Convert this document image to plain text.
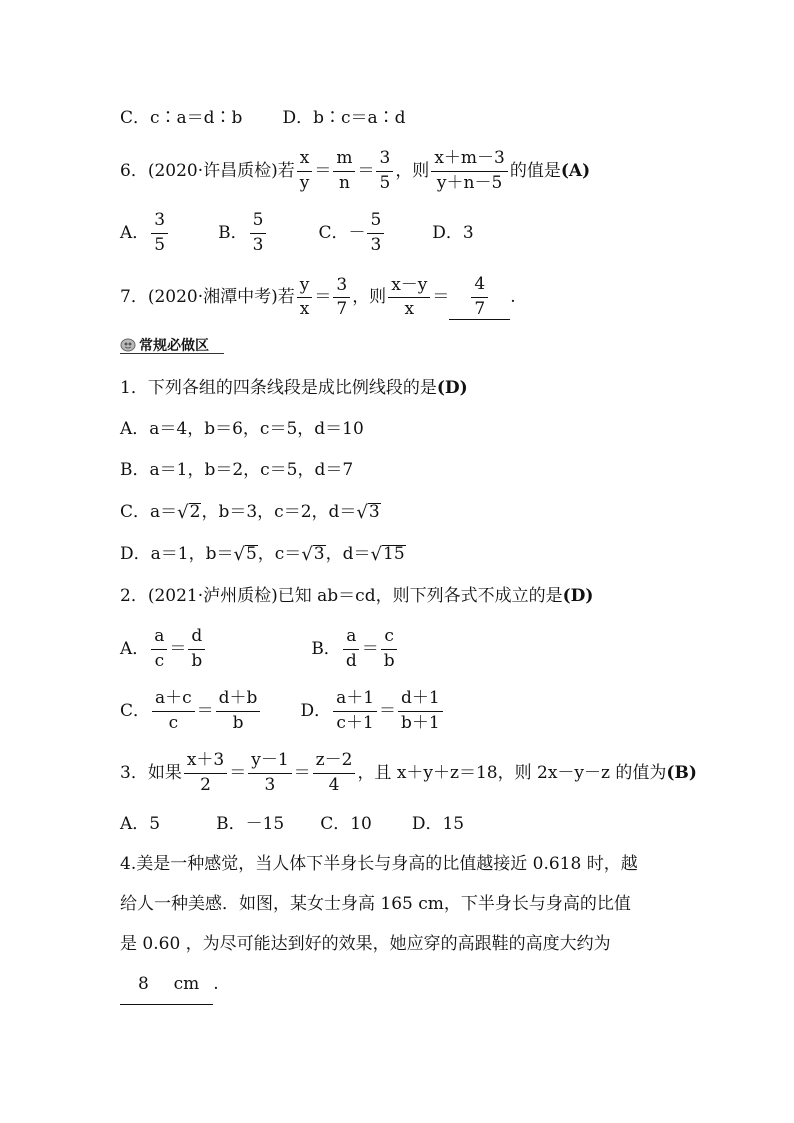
C．c∶a＝d∶b D．b∶c＝a∶d
6．(2020·许昌质检)若 $\frac{x}{y} = \frac{m}{n} = \frac{3}{5}$ ，则 $\frac{x+m-3}{y+n-5}$ 的值是 (A)
A． $\frac{3}{5}$	B． $\frac{5}{3}$	C．－ $\frac{5}{3}$	D．3
7．(2020·湘潭中考)若 $\frac{y}{x} = \frac{3}{7}$ ，则 $\frac{x-y}{x} = \frac{4}{7}$ .
常规必做区
1．下列各组的四条线段是成比例线段的是 (D)
A．a＝4，b＝6，c＝5，d＝10
B．a＝1，b＝2，c＝5，d＝7
C．a＝ √ 2 ，b＝3，c＝2，d＝ √ 3
D．a＝1，b＝ √ 5 ，c＝ √ 3 ，d＝ √ 15
2．(2021·泸州质检)已知 ab＝cd，则下列各式不成立的是 (D)
A． $\frac{a}{c} = \frac{d}{b}$	B． $\frac{a}{d} = \frac{c}{b}$
C． $\frac{a+c}{c} = \frac{d+b}{b}$ D． $\frac{a+1}{c+1} = \frac{d+1}{b+1}$
3．如果 $\frac{x+3}{2} = \frac{y-1}{3} = \frac{z-2}{4}$ ，且 x＋y＋z＝18，则 2x－y－z 的值为 (B)
A．5	B．－15 C．10 D．15
4.美是一种感觉，当人体下半身长与身高的比值越接近 0.618 时，越
给人一种美感．如图，某女士身高 165 cm，下半身长与身高的比值
是 0.60 ，为尽可能达到好的效果，她应穿的高跟鞋的高度大约为
8 cm .
